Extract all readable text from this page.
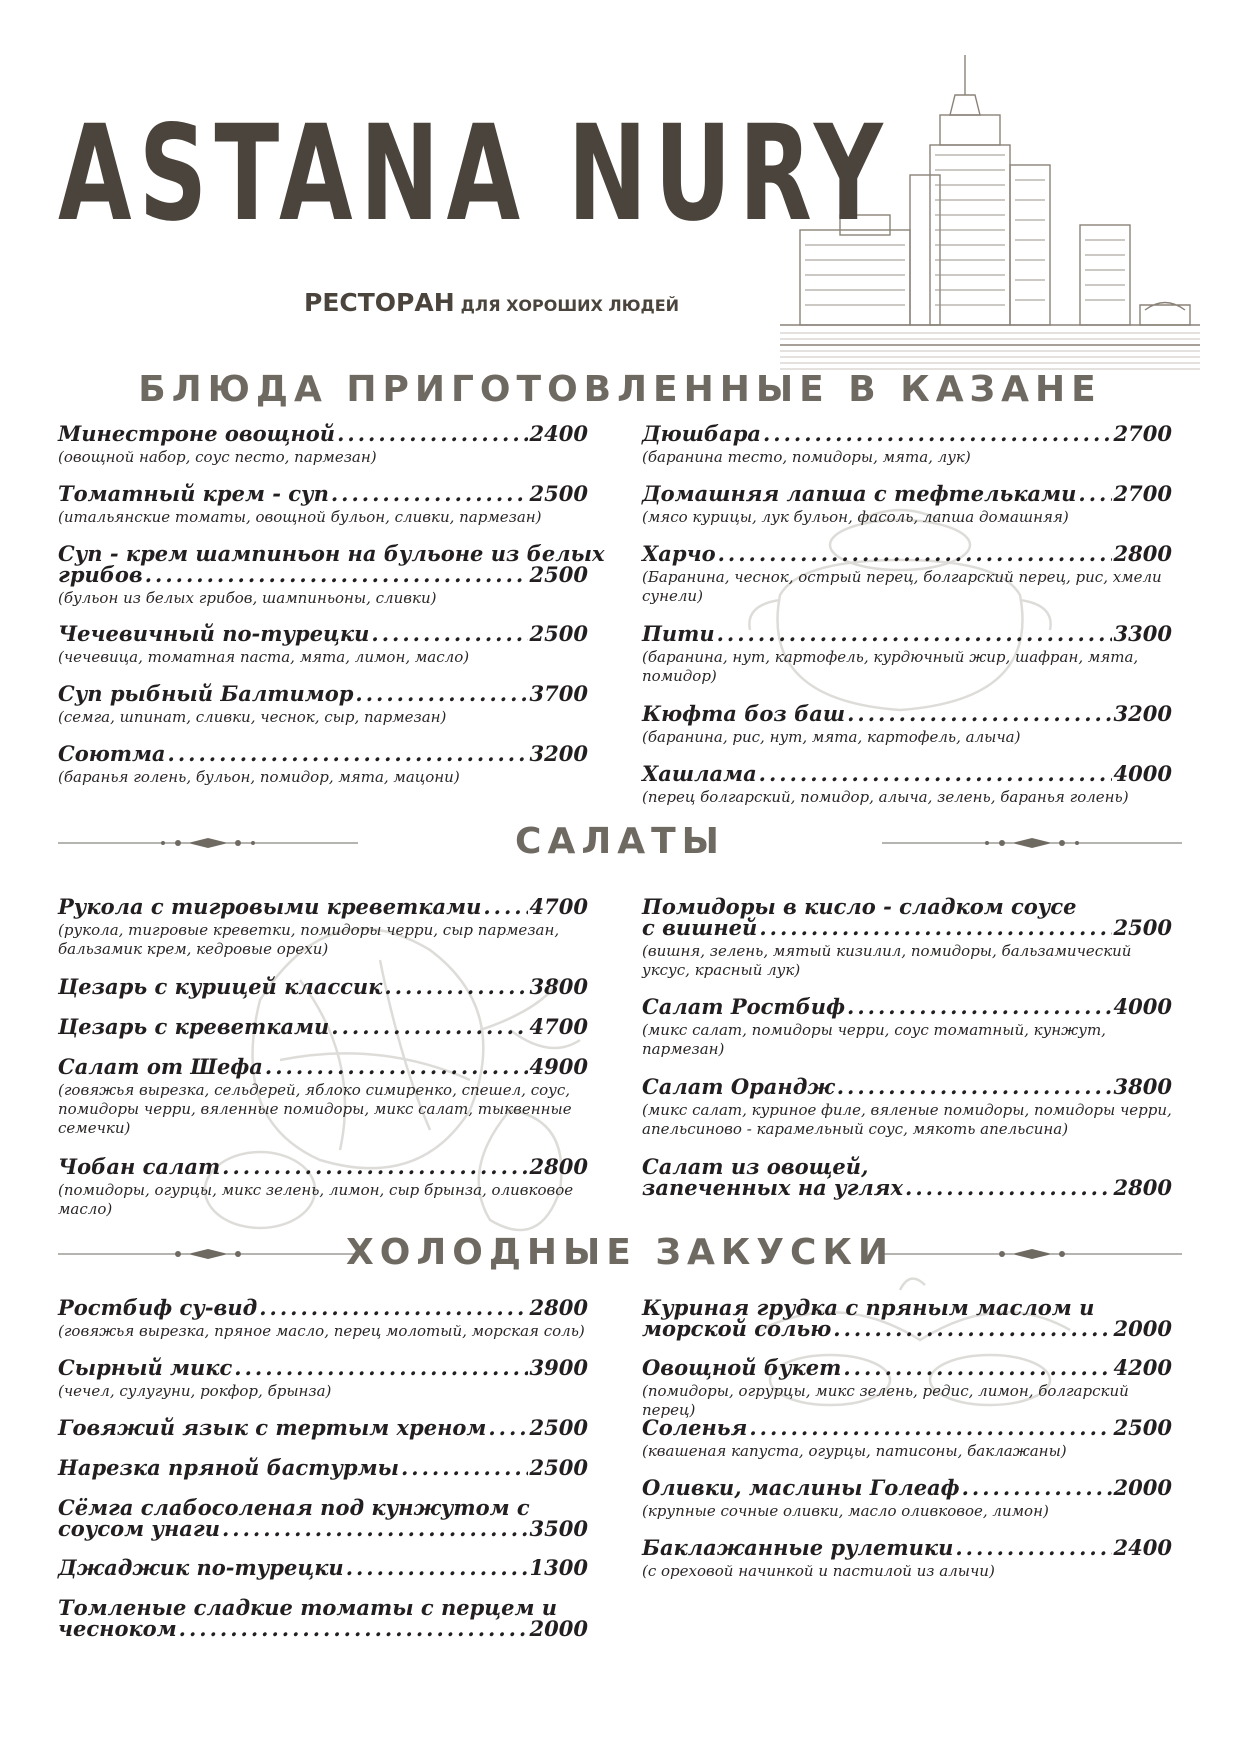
ASTANA NURY
РЕСТОРАН ДЛЯ ХОРОШИХ ЛЮДЕЙ
БЛЮДА ПРИГОТОВЛЕННЫЕ В КАЗАНЕ
Минестроне овощной .....	2400
(овощной набор, соус песто, пармезан)
Томатный крем - суп .....	2500
(итальянские томаты, овощной бульон, сливки, пармезан)
Суп - крем шампиньон на бульоне из белых
грибов .....	2500
(бульон из белых грибов, шампиньоны, сливки)
Чечевичный по-турецки .....	2500
(чечевица, томатная паста, мята, лимон, масло)
Суп рыбный Балтимор .....	3700
(семга, шпинат, сливки, чеснок, сыр, пармезан)
Соютма .....	3200
(баранья голень, бульон, помидор, мята, мацони)
Дюшбара .....	2700
(баранина тесто, помидоры, мята, лук)
Домашняя лапша с тефтельками ..... 2700
(мясо курицы, лук бульон, фасоль, лапша домашняя)
Харчо .....	2800
(Баранина, чеснок, острый перец, болгарский перец, рис, хмели сунели)
Пити .....	3300
(баранина, нут, картофель, курдючный жир, шафран, мята, помидор)
Кюфта боз баш .....	3200
(баранина, рис, нут, мята, картофель, алыча)
Хашлама .....	4000
(перец болгарский, помидор, алыча, зелень, баранья голень)
САЛАТЫ
Рукола с тигровыми креветками ..... 4700
(рукола, тигровые креветки, помидоры черри, сыр пармезан, бальзамик крем, кедровые орехи)
Цезарь с курицей классик .....	3800
Цезарь с креветками .....	4700
Салат от Шефа .....	4900
(говяжья вырезка, сельдерей, яблоко симиренко, спешел, соус, помидоры черри, вяленные помидоры, микс салат, тыквенные семечки)
Чобан салат .....	2800
(помидоры, огурцы, микс зелень, лимон, сыр брынза, оливковое масло)
Помидоры в кисло - сладком соусе
с вишней .....	2500
(вишня, зелень, мятый кизилил, помидоры, бальзамический уксус, красный лук)
Салат Ростбиф .....	4000
(микс салат, помидоры черри, соус томатный, кунжут, пармезан)
Салат Орандж .....	3800
(микс салат, куриное филе, вяленые помидоры, помидоры черри, апельсиново - карамельный соус, мякоть апельсина)
Салат из овощей,
запеченных на углях .....	2800
ХОЛОДНЫЕ ЗАКУСКИ
Ростбиф су-вид .....	2800
(говяжья вырезка, пряное масло, перец молотый, морская соль)
Сырный микс .....	3900
(чечел, сулугуни, рокфор, брынза)
Говяжий язык с тертым хреном ..... 2500
Нарезка пряной бастурмы .....	2500
Сёмга слабосоленая под кунжутом с
соусом унаги .....	3500
Джаджик по-турецки .....	1300
Томленые сладкие томаты с перцем и
чесноком .....	2000
Куриная грудка с пряным маслом и
морской солью .....	2000
Овощной букет .....	4200
(помидоры, огрурцы, микс зелень, редис, лимон, болгарский перец)
Соленья .....	2500
(квашеная капуста, огурцы, патисоны, баклажаны)
Оливки, маслины Голеаф .....	2000
(крупные сочные оливки, масло оливковое, лимон)
Баклажанные рулетики .....	2400
(с ореховой начинкой и пастилой из алычи)
